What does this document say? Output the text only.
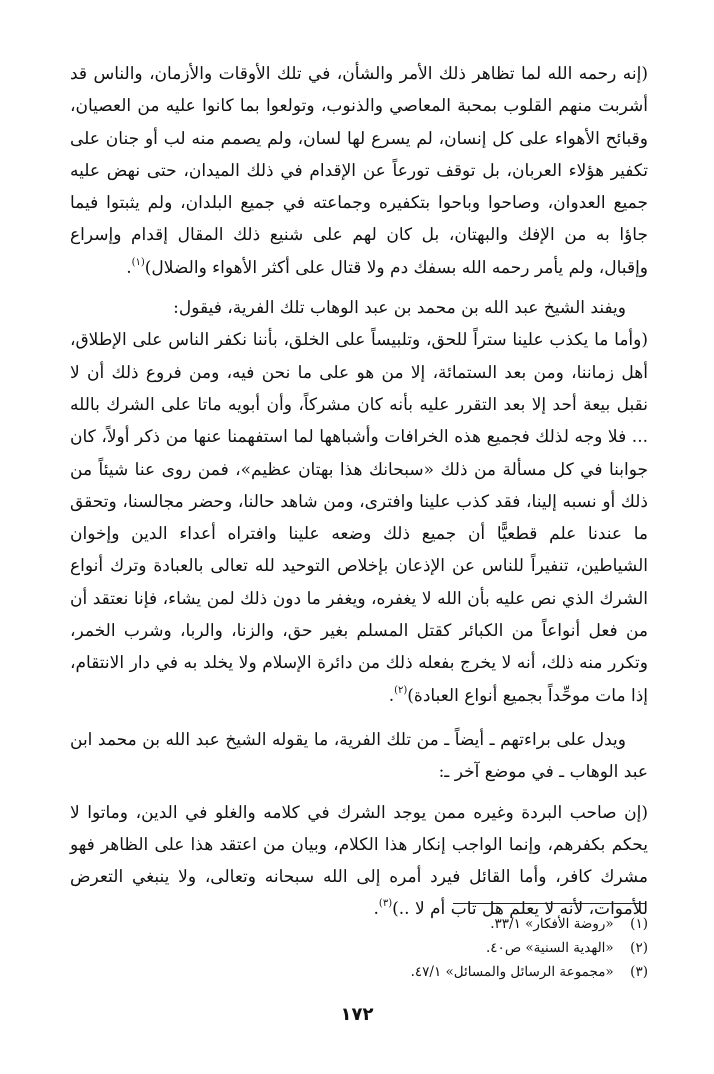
(إنه رحمه الله لما تظاهر ذلك الأمر والشأن، في تلك الأوقات والأزمان، والناس قد أشربت منهم القلوب بمحبة المعاصي والذنوب، وتولعوا بما كانوا عليه من العصيان، وقبائح الأهواء على كل إنسان، لم يسرع لها لسان، ولم يصمم منه لب أو جنان على تكفير هؤلاء العربان، بل توقف تورعاً عن الإقدام في ذلك الميدان، حتى نهض عليه جميع العدوان، وصاحوا وباحوا بتكفيره وجماعته في جميع البلدان، ولم يثبتوا فيما جاؤا به من الإفك والبهتان، بل كان لهم على شنيع ذلك المقال إقدام وإسراع وإقبال، ولم يأمر رحمه الله بسفك دم ولا قتال على أكثر الأهواء والضلال)$^{(١)}$.

ويفند الشيخ عبد الله بن محمد بن عبد الوهاب تلك الفرية، فيقول:

(وأما ما يكذب علينا ستراً للحق، وتلبيساً على الخلق، بأننا نكفر الناس على الإطلاق، أهل زماننا، ومن بعد الستمائة، إلا من هو على ما نحن فيه، ومن فروع ذلك أن لا نقبل بيعة أحد إلا بعد التقرر عليه بأنه كان مشركاً، وأن أبويه ماتا على الشرك بالله ... فلا وجه لذلك فجميع هذه الخرافات وأشباهها لما استفهمنا عنها من ذكر أولاً، كان جوابنا في كل مسألة من ذلك «سبحانك هذا بهتان عظيم»، فمن روى عنا شيئاً من ذلك أو نسبه إلينا، فقد كذب علينا وافترى، ومن شاهد حالنا، وحضر مجالسنا، وتحقق ما عندنا علم قطعيًّا أن جميع ذلك وضعه علينا وافتراه أعداء الدين وإخوان الشياطين، تنفيراً للناس عن الإذعان بإخلاص التوحيد لله تعالى بالعبادة وترك أنواع الشرك الذي نص عليه بأن الله لا يغفره، ويغفر ما دون ذلك لمن يشاء، فإنا نعتقد أن من فعل أنواعاً من الكبائر كقتل المسلم بغير حق، والزنا، والربا، وشرب الخمر، وتكرر منه ذلك، أنه لا يخرج بفعله ذلك من دائرة الإسلام ولا يخلد به في دار الانتقام، إذا مات موحِّداً بجميع أنواع العبادة)$^{(٢)}$.

ويدل على براءتهم ـ أيضاً ـ من تلك الفرية، ما يقوله الشيخ عبد الله بن محمد ابن عبد الوهاب ـ في موضع آخر ـ:

(إن صاحب البردة وغيره ممن يوجد الشرك في كلامه والغلو في الدين، وماتوا لا يحكم بكفرهم، وإنما الواجب إنكار هذا الكلام، وبيان من اعتقد هذا على الظاهر فهو مشرك كافر، وأما القائل فيرد أمره إلى الله سبحانه وتعالى، ولا ينبغي التعرض للأموات، لأنه لا يعلم هل تاب أم لا ..)$^{(٣)}$.

(١) «روضة الأفكار» ٣٣/١.
(٢) «الهدية السنية» ص٤٠.
(٣) «مجموعة الرسائل والمسائل» ٤٧/١.
١٧٢
